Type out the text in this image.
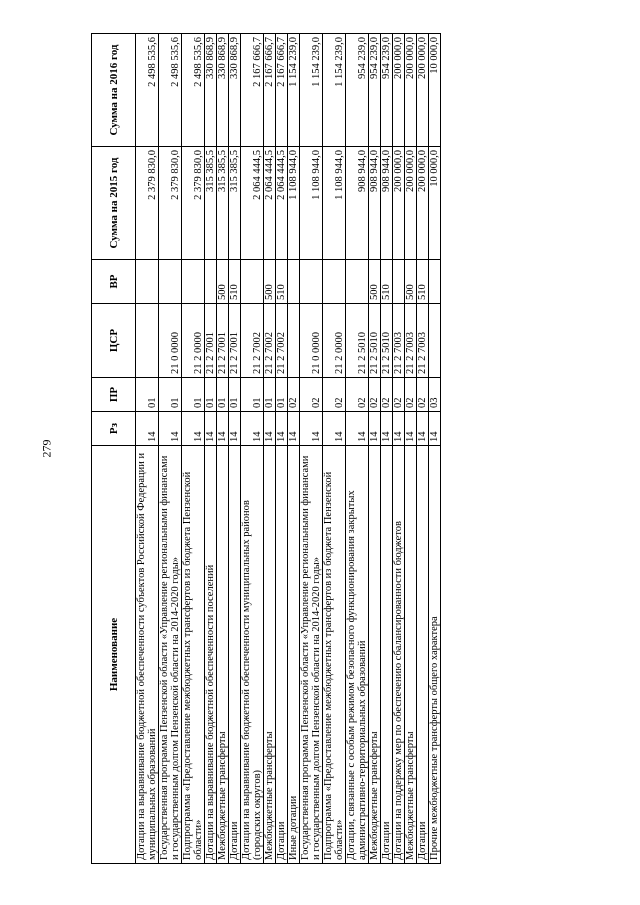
279
Наименование	Рз	ПР	ЦСР	ВР	Сумма на 2015 год	Сумма на 2016 год
Дотации на выравнивание бюджетной обеспеченности субъектов Российской Федерации и муниципальных образований	14	01			2 379 830,0	2 498 535,6
Государственная программа Пензенской области «Управление региональными финансами и государственным долгом Пензенской области на 2014-2020 годы»	14	01	21 0 0000		2 379 830,0	2 498 535,6
Подпрограмма «Предоставление межбюджетных трансфертов из бюджета Пензенской области»	14	01	21 2 0000		2 379 830,0	2 498 535,6
Дотации на выравнивание бюджетной обеспеченности поселений	14	01	21 2 7001		315 385,5	330 868,9
Межбюджетные трансферты	14	01	21 2 7001	500	315 385,5	330 868,9
Дотации	14	01	21 2 7001	510	315 385,5	330 868,9
Дотации на выравнивание бюджетной обеспеченности муниципальных районов (городских округов)	14	01	21 2 7002		2 064 444,5	2 167 666,7
Межбюджетные трансферты	14	01	21 2 7002	500	2 064 444,5	2 167 666,7
Дотации	14	01	21 2 7002	510	2 064 444,5	2 167 666,7
Иные дотации	14	02			1 108 944,0	1 154 239,0
Государственная программа Пензенской области «Управление региональными финансами и государственным долгом Пензенской области на 2014-2020 годы»	14	02	21 0 0000		1 108 944,0	1 154 239,0
Подпрограмма «Предоставление межбюджетных трансфертов из бюджета Пензенской области»	14	02	21 2 0000		1 108 944,0	1 154 239,0
Дотации, связанные с особым режимом безопасного функционирования закрытых административно-территориальных образований	14	02	21 2 5010		908 944,0	954 239,0
Межбюджетные трансферты	14	02	21 2 5010	500	908 944,0	954 239,0
Дотации	14	02	21 2 5010	510	908 944,0	954 239,0
Дотации на поддержку мер по обеспечению сбалансированности бюджетов	14	02	21 2 7003		200 000,0	200 000,0
Межбюджетные трансферты	14	02	21 2 7003	500	200 000,0	200 000,0
Дотации	14	02	21 2 7003	510	200 000,0	200 000,0
Прочие межбюджетные трансферты общего характера	14	03			10 000,0	10 000,0
